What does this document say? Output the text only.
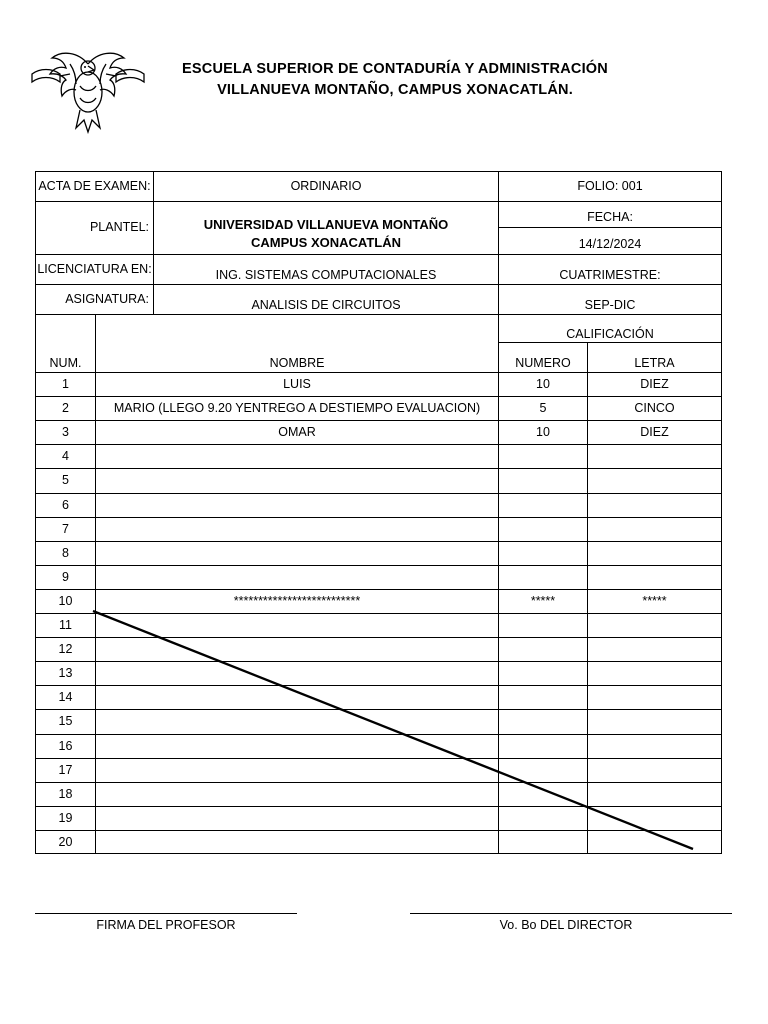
ESCUELA SUPERIOR DE CONTADURÍA Y ADMINISTRACIÓN
VILLANUEVA MONTAÑO, CAMPUS XONACATLÁN.
ACTA DE EXAMEN:	ORDINARIO	FOLIO: 001
PLANTEL:	UNIVERSIDAD VILLANUEVA MONTAÑO
CAMPUS XONACATLÁN
FECHA:
14/12/2024
LICENCIATURA EN:	ING. SISTEMAS COMPUTACIONALES	CUATRIMESTRE:
ASIGNATURA:	ANALISIS DE CIRCUITOS	SEP-DIC
CALIFICACIÓN
NUM.	NOMBRE	NUMERO	LETRA
1	LUIS	10	DIEZ
2	MARIO (LLEGO 9.20 YENTREGO A DESTIEMPO EVALUACION)	5	CINCO
3	OMAR	10	DIEZ
4
5
6
7
8
9
10	**************************	*****	*****
11
12
13
14
15
16
17
18
19
20
FIRMA DEL PROFESOR	Vo. Bo DEL DIRECTOR
